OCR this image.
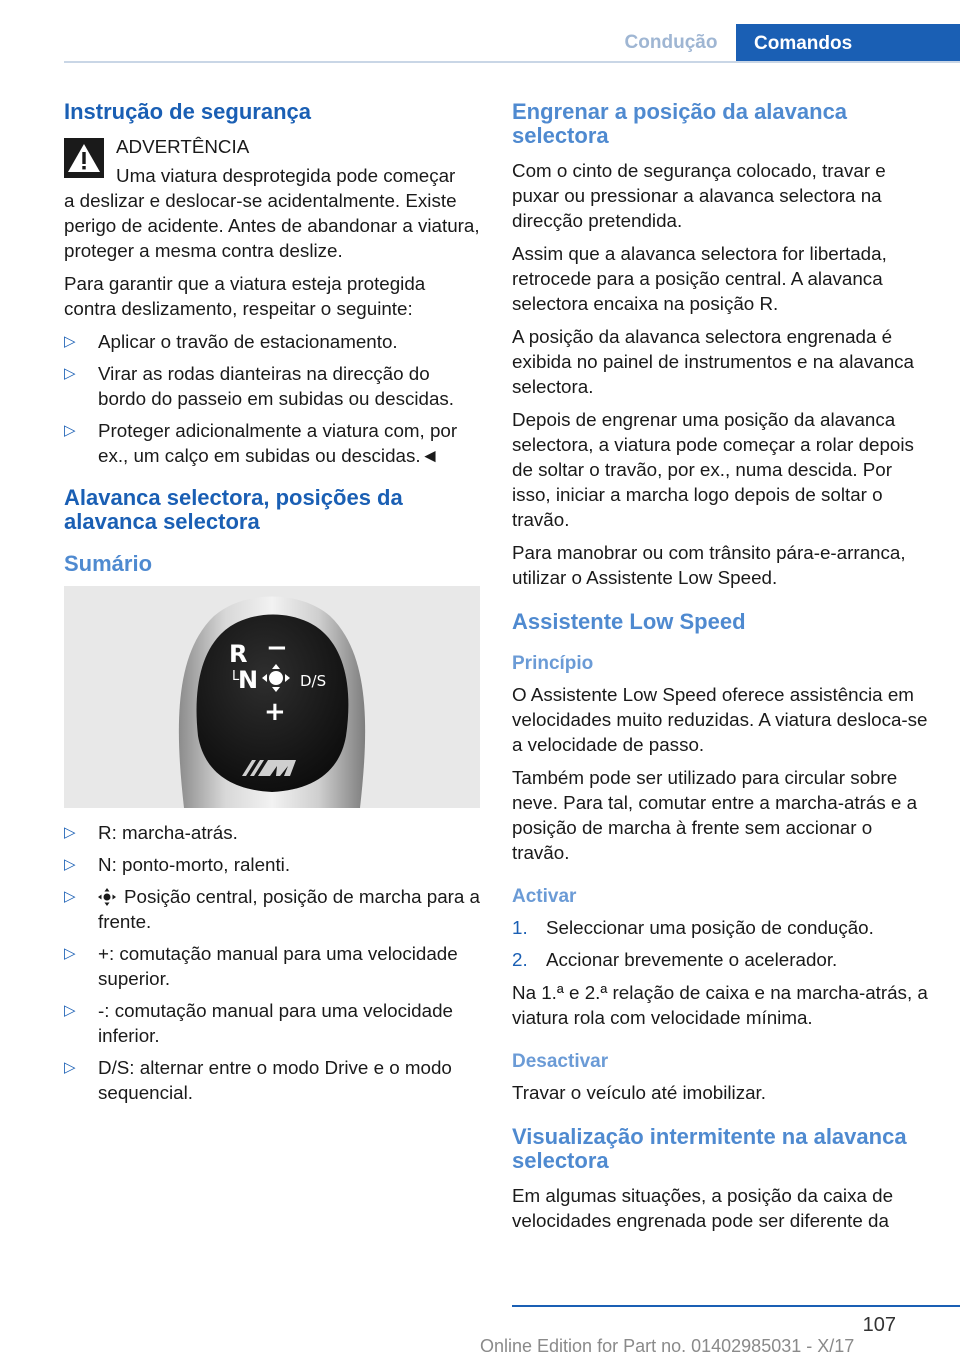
Condução	Comandos
Instrução de segurança

ADVERTÊNCIA

Uma viatura desprotegida pode começar

a deslizar e deslocar-se acidentalmente. Existe perigo de acidente. Antes de abandonar a viatura, proteger a mesma contra deslize.

Para garantir que a viatura esteja protegida contra deslizamento, respeitar o seguinte:

▷ Aplicar o travão de estacionamento.
▷ Virar as rodas dianteiras na direcção do bordo do passeio em subidas ou descidas.
▷ Proteger adicionalmente a viatura com, por ex., um calço em subidas ou descidas.◄
Alavanca selectora, posições da alavanca selectora
Sumário
R −
L
N	D/S
+
▷ R: marcha-atrás.
▷ N: ponto-morto, ralenti.
▷ Posição central, posição de marcha para a frente.
▷ +: comutação manual para uma velocidade superior.
▷ -: comutação manual para uma velocidade inferior.
▷ D/S: alternar entre o modo Drive e o modo sequencial.
Engrenar a posição da alavanca selectora

Com o cinto de segurança colocado, travar e puxar ou pressionar a alavanca selectora na direcção pretendida.

Assim que a alavanca selectora for libertada, retrocede para a posição central. A alavanca selectora encaixa na posição R.

A posição da alavanca selectora engrenada é exibida no painel de instrumentos e na alavanca selectora.

Depois de engrenar uma posição da alavanca selectora, a viatura pode começar a rolar depois de soltar o travão, por ex., numa descida. Por isso, iniciar a marcha logo depois de soltar o travão.

Para manobrar ou com trânsito pára-e-arranca, utilizar o Assistente Low Speed.

Assistente Low Speed
Princípio

O Assistente Low Speed oferece assistência em velocidades muito reduzidas. A viatura desloca-se a velocidade de passo.

Também pode ser utilizado para circular sobre neve. Para tal, comutar entre a marcha-atrás e a posição de marcha à frente sem accionar o travão.

Activar
1. Seleccionar uma posição de condução.
2. Accionar brevemente o acelerador.

Na 1.ª e 2.ª relação de caixa e na marcha-atrás, a viatura rola com velocidade mínima.

Desactivar

Travar o veículo até imobilizar.

Visualização intermitente na alavanca selectora

Em algumas situações, a posição da caixa de velocidades engrenada pode ser diferente da

107
Online Edition for Part no. 01402985031 - X/17
